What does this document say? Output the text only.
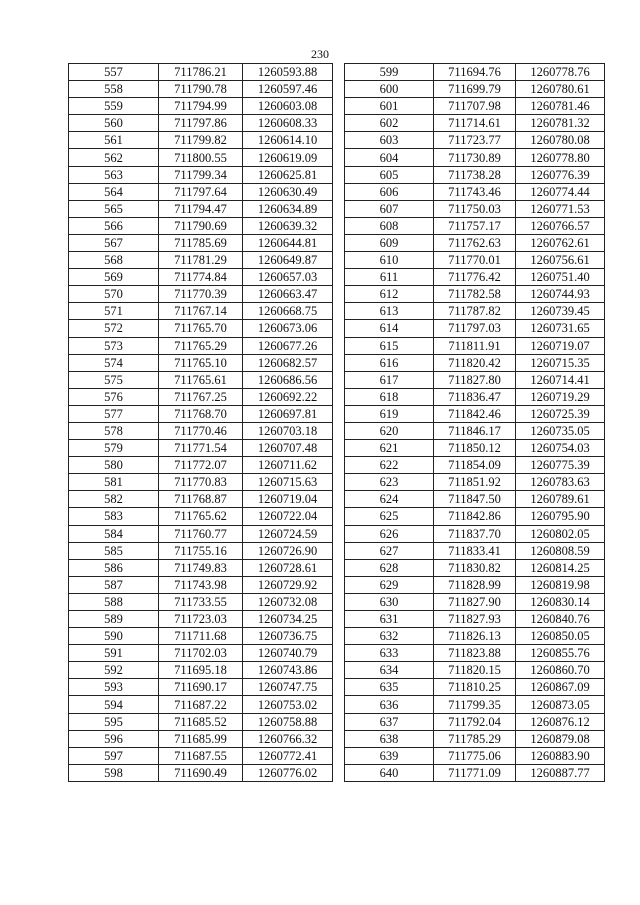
230
557	711786.21	1260593.88
558	711790.78	1260597.46
559	711794.99	1260603.08
560	711797.86	1260608.33
561	711799.82	1260614.10
562	711800.55	1260619.09
563	711799.34	1260625.81
564	711797.64	1260630.49
565	711794.47	1260634.89
566	711790.69	1260639.32
567	711785.69	1260644.81
568	711781.29	1260649.87
569	711774.84	1260657.03
570	711770.39	1260663.47
571	711767.14	1260668.75
572	711765.70	1260673.06
573	711765.29	1260677.26
574	711765.10	1260682.57
575	711765.61	1260686.56
576	711767.25	1260692.22
577	711768.70	1260697.81
578	711770.46	1260703.18
579	711771.54	1260707.48
580	711772.07	1260711.62
581	711770.83	1260715.63
582	711768.87	1260719.04
583	711765.62	1260722.04
584	711760.77	1260724.59
585	711755.16	1260726.90
586	711749.83	1260728.61
587	711743.98	1260729.92
588	711733.55	1260732.08
589	711723.03	1260734.25
590	711711.68	1260736.75
591	711702.03	1260740.79
592	711695.18	1260743.86
593	711690.17	1260747.75
594	711687.22	1260753.02
595	711685.52	1260758.88
596	711685.99	1260766.32
597	711687.55	1260772.41
598	711690.49	1260776.02
599	711694.76	1260778.76
600	711699.79	1260780.61
601	711707.98	1260781.46
602	711714.61	1260781.32
603	711723.77	1260780.08
604	711730.89	1260778.80
605	711738.28	1260776.39
606	711743.46	1260774.44
607	711750.03	1260771.53
608	711757.17	1260766.57
609	711762.63	1260762.61
610	711770.01	1260756.61
611	711776.42	1260751.40
612	711782.58	1260744.93
613	711787.82	1260739.45
614	711797.03	1260731.65
615	711811.91	1260719.07
616	711820.42	1260715.35
617	711827.80	1260714.41
618	711836.47	1260719.29
619	711842.46	1260725.39
620	711846.17	1260735.05
621	711850.12	1260754.03
622	711854.09	1260775.39
623	711851.92	1260783.63
624	711847.50	1260789.61
625	711842.86	1260795.90
626	711837.70	1260802.05
627	711833.41	1260808.59
628	711830.82	1260814.25
629	711828.99	1260819.98
630	711827.90	1260830.14
631	711827.93	1260840.76
632	711826.13	1260850.05
633	711823.88	1260855.76
634	711820.15	1260860.70
635	711810.25	1260867.09
636	711799.35	1260873.05
637	711792.04	1260876.12
638	711785.29	1260879.08
639	711775.06	1260883.90
640	711771.09	1260887.77
